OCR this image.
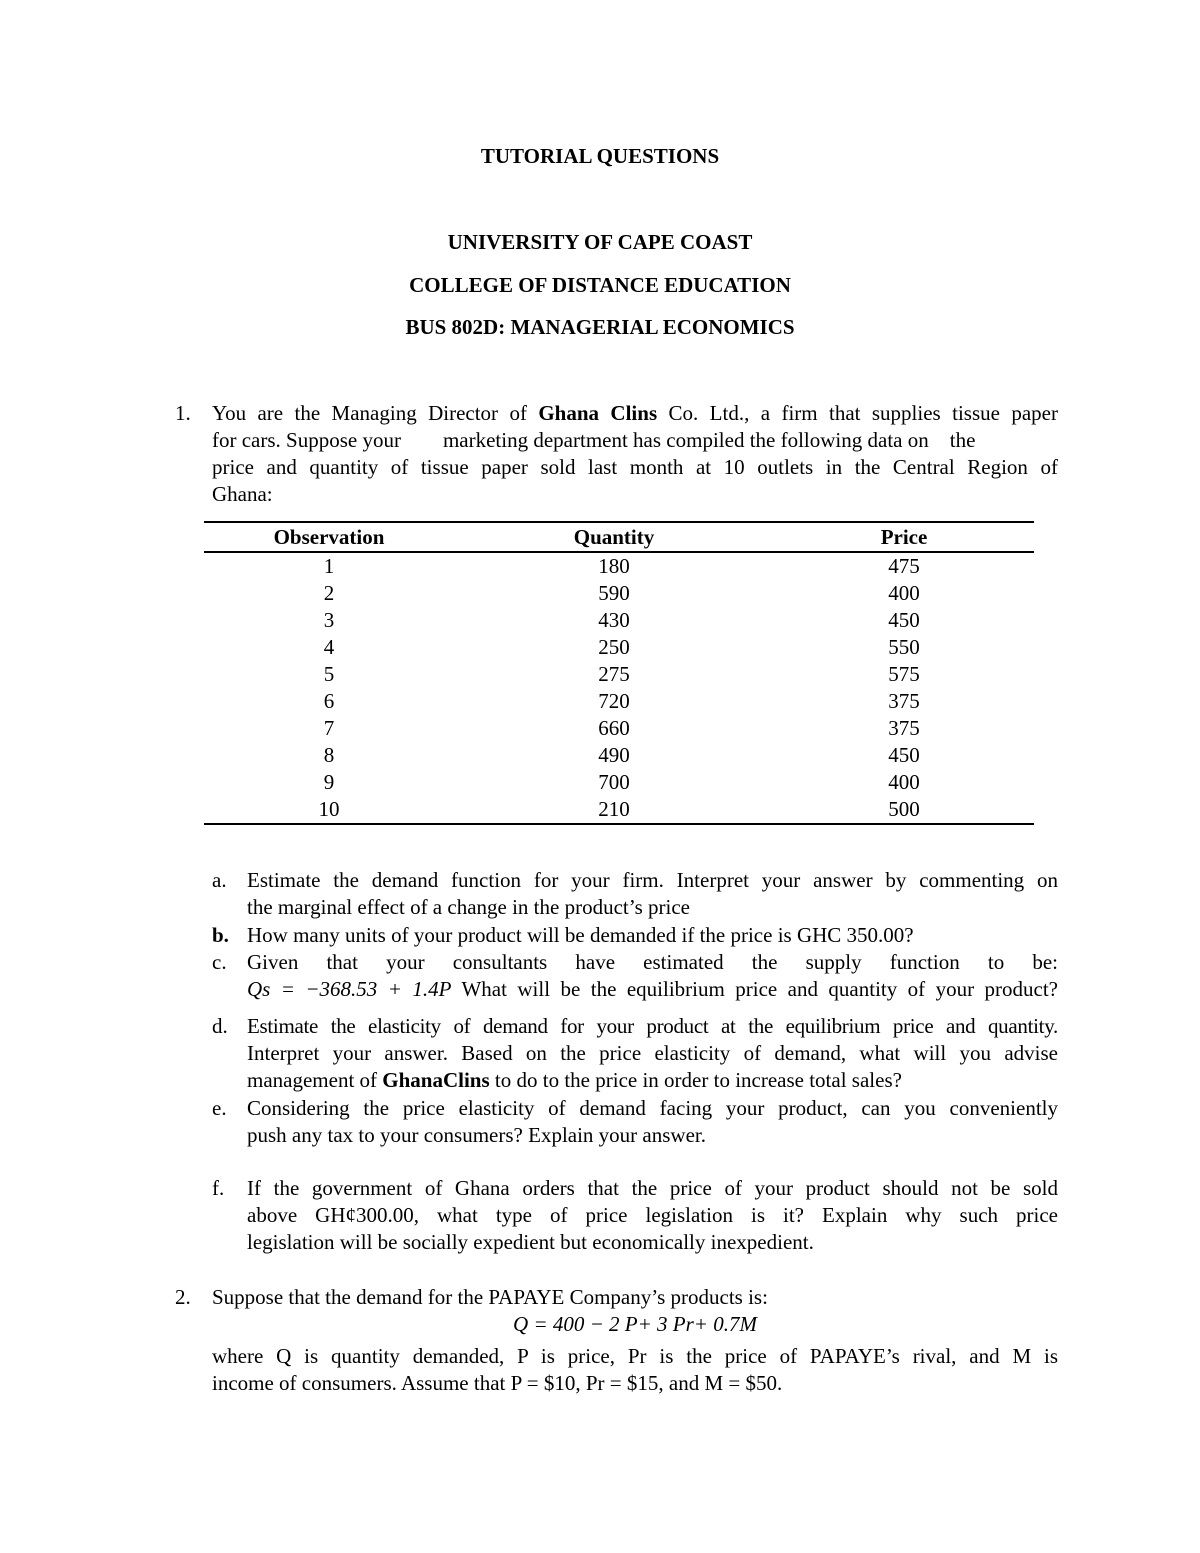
TUTORIAL QUESTIONS
UNIVERSITY OF CAPE COAST
COLLEGE OF DISTANCE EDUCATION
BUS 802D: MANAGERIAL ECONOMICS
1. You are the Managing Director of Ghana Clins Co. Ltd., a firm that supplies tissue paper
for cars. Suppose your        marketing department has compiled the following data on    the
price and quantity of tissue paper sold last month at 10 outlets in the Central Region of
Ghana:
Observation	Quantity	Price
1	180	475
2	590	400
3	430	450
4	250	550
5	275	575
6	720	375
7	660	375
8	490	450
9	700	400
10	210	500
a. Estimate the demand function for your firm. Interpret your answer by commenting on
the marginal effect of a change in the product’s price
b. How many units of your product will be demanded if the price is GHC 350.00?
c. Given that your consultants have estimated the supply function to be:
Qs = −368.53 + 1.4P What will be the equilibrium price and quantity of your product?
d. Estimate the elasticity of demand for your product at the equilibrium price and quantity.
Interpret your answer. Based on the price elasticity of demand, what will you advise
management of GhanaClins to do to the price in order to increase total sales?
e. Considering the price elasticity of demand facing your product, can you conveniently
push any tax to your consumers? Explain your answer.
f. If the government of Ghana orders that the price of your product should not be sold
above GH¢300.00, what type of price legislation is it? Explain why such price
legislation will be socially expedient but economically inexpedient.
2. Suppose that the demand for the PAPAYE Company’s products is:
Q = 400 − 2 P+ 3 Pr+ 0.7M
where Q is quantity demanded, P is price, Pr is the price of PAPAYE’s rival, and M is
income of consumers. Assume that P = $10, Pr = $15, and M = $50.
